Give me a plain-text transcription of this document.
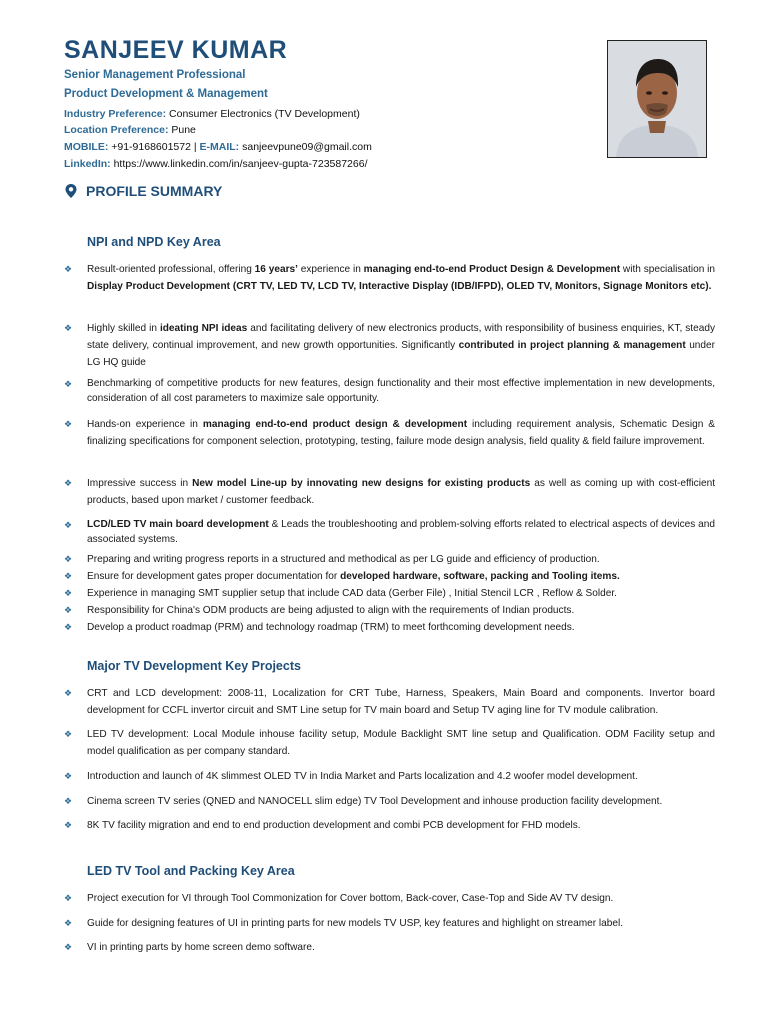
SANJEEV KUMAR
Senior Management Professional
Product Development & Management
Industry Preference: Consumer Electronics (TV Development)
Location Preference: Pune
MOBILE: +91-9168601572 | E-MAIL: sanjeevpune09@gmail.com
LinkedIn: https://www.linkedin.com/in/sanjeev-gupta-723587266/
PROFILE SUMMARY
NPI and NPD Key Area
❖	Result-oriented professional, offering 16 years’ experience in managing end-to-end Product Design & Development with specialisation in Display Product Development (CRT TV, LED TV, LCD TV, Interactive Display (IDB/IFPD), OLED TV, Monitors, Signage Monitors etc).
❖	Highly skilled in ideating NPI ideas and facilitating delivery of new electronics products, with responsibility of business enquiries, KT, steady state delivery, continual improvement, and new growth opportunities. Significantly contributed in project planning & management under LG HQ guide
❖	Benchmarking of competitive products for new features, design functionality and their most effective implementation in new developments, consideration of all cost parameters to maximize sale opportunity.
❖	Hands-on experience in managing end-to-end product design & development including requirement analysis, Schematic Design & finalizing specifications for component selection, prototyping, testing, failure mode design analysis, field quality & field failure improvement.
❖	Impressive success in New model Line-up by innovating new designs for existing products as well as coming up with cost-efficient products, based upon market / customer feedback.
❖	LCD/LED TV main board development & Leads the troubleshooting and problem-solving efforts related to electrical aspects of devices and associated systems.
❖	Preparing and writing progress reports in a structured and methodical as per LG guide and efficiency of production.
❖	Ensure for development gates proper documentation for developed hardware, software, packing and Tooling items.
❖	Experience in managing SMT supplier setup that include CAD data (Gerber File) , Initial Stencil LCR , Reflow & Solder.
❖	Responsibility for China's ODM products are being adjusted to align with the requirements of Indian products.
❖	Develop a product roadmap (PRM) and technology roadmap (TRM) to meet forthcoming development needs.
Major TV Development Key Projects
❖	CRT and LCD development: 2008-11, Localization for CRT Tube, Harness, Speakers, Main Board and components. Invertor board development for CCFL invertor circuit and SMT Line setup for TV main board and Setup TV aging line for TV module calibration.
❖	LED TV development: Local Module inhouse facility setup, Module Backlight SMT line setup and Qualification. ODM Facility setup and model qualification as per company standard.
❖	Introduction and launch of 4K slimmest OLED TV in India Market and Parts localization and 4.2 woofer model development.
❖	Cinema screen TV series (QNED and NANOCELL slim edge) TV Tool Development and inhouse production facility development.
❖	8K TV facility migration and end to end production development and combi PCB development for FHD models.
LED TV Tool and Packing Key Area
❖	Project execution for VI through Tool Commonization for Cover bottom, Back-cover, Case-Top and Side AV TV design.
❖	Guide for designing features of UI in printing parts for new models TV USP, key features and highlight on streamer label.
❖	VI in printing parts by home screen demo software.
